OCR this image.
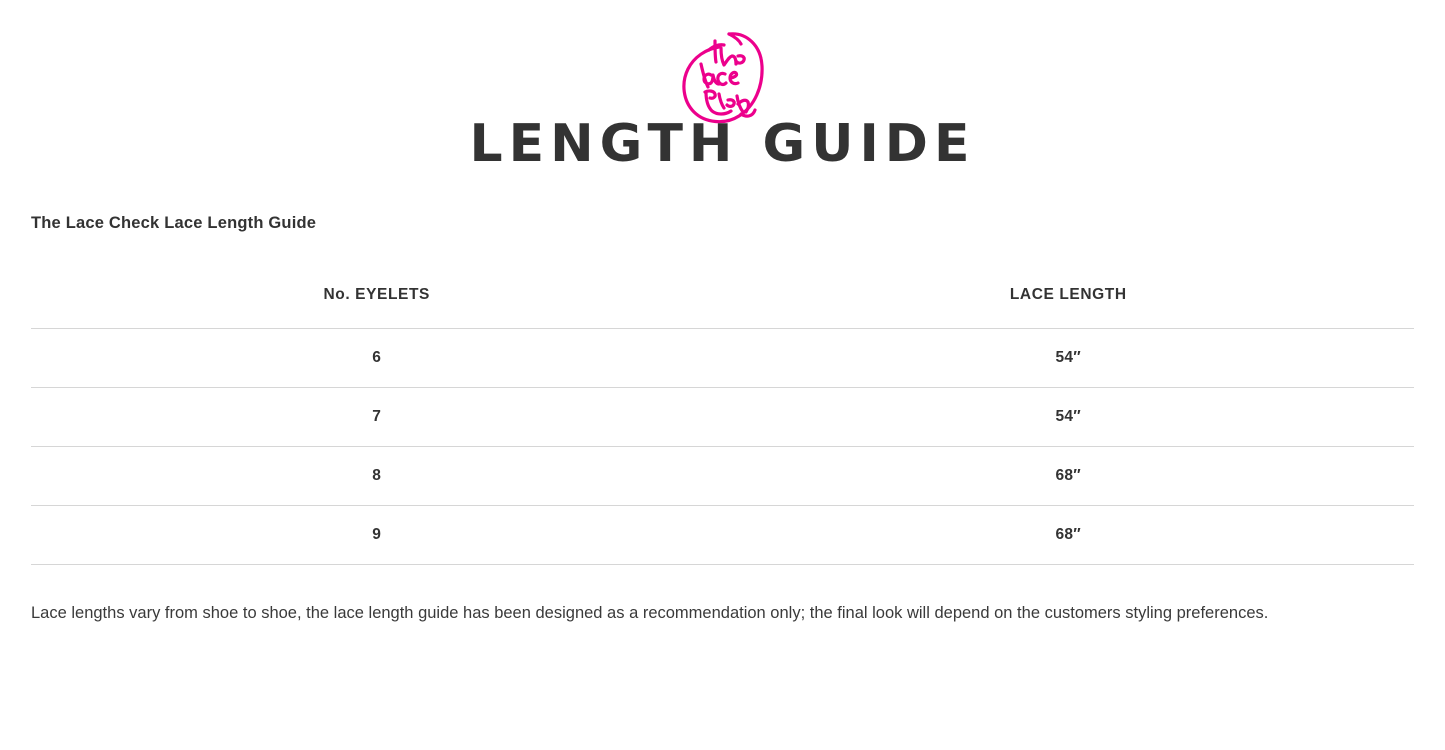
LENGTH GUIDE
The Lace Check Lace Length Guide
No. EYELETS	LACE LENGTH
6	54″
7	54″
8	68″
9	68″
Lace lengths vary from shoe to shoe, the lace length guide has been designed as a recommendation only; the final look will depend on the customers styling preferences.
